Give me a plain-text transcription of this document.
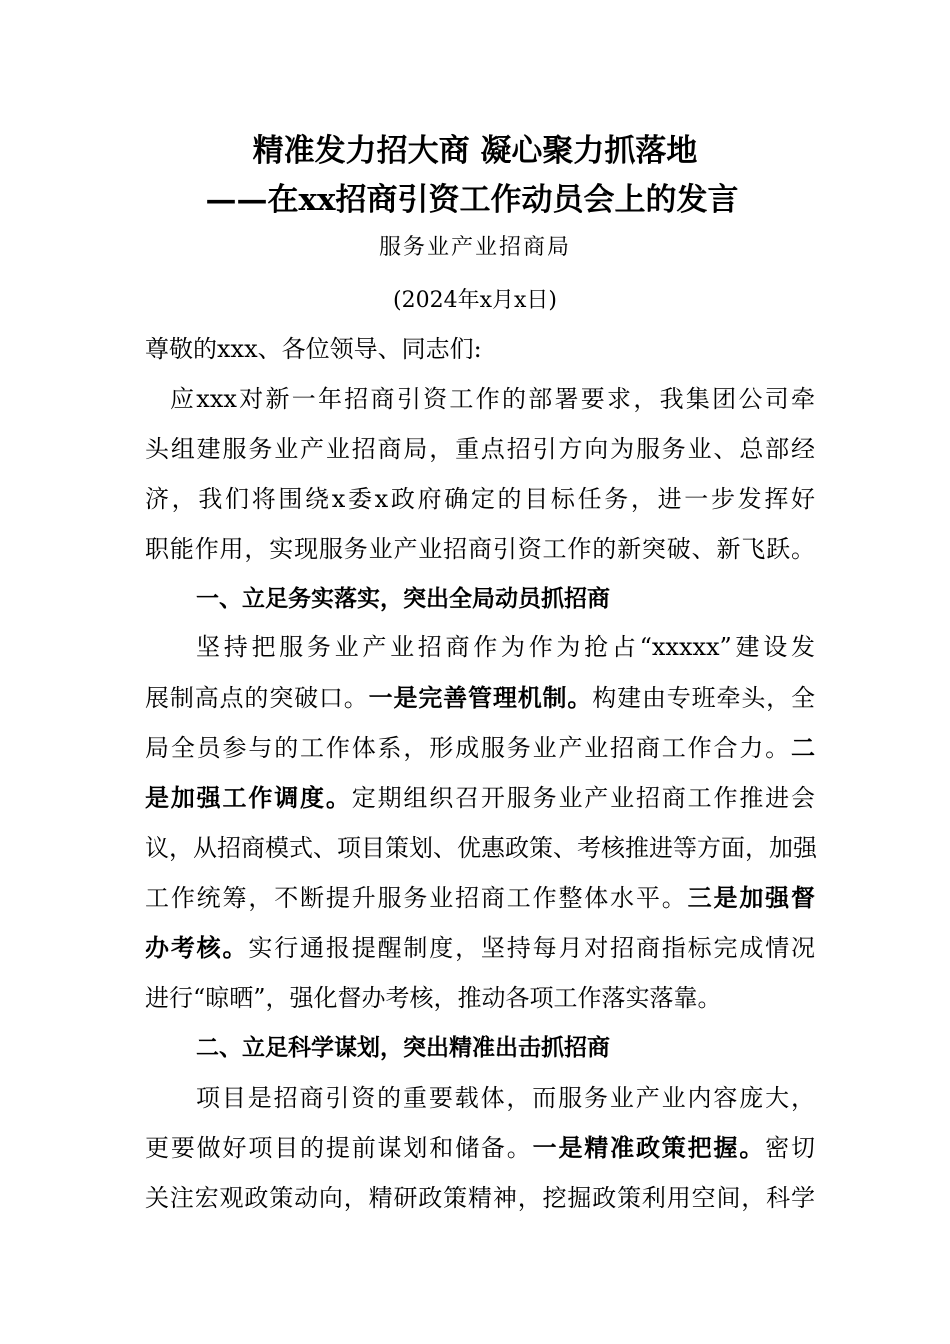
精准发力招大商 凝心聚力抓落地
——在xx招商引资工作动员会上的发言
服务业产业招商局
(2024年x月x日)
尊敬的xxx、各位领导、同志们:
应xxx对新一年招商引资工作的部署要求，我集团公司牵
头组建服务业产业招商局，重点招引方向为服务业、总部经
济，我们将围绕x委x政府确定的目标任务，进一步发挥好
职能作用，实现服务业产业招商引资工作的新突破、新飞跃。
一、立足务实落实，突出全局动员抓招商
坚持把服务业产业招商作为作为抢占“xxxxx”建设发
展制高点的突破口。一是完善管理机制。构建由专班牵头，全
局全员参与的工作体系，形成服务业产业招商工作合力。二
是加强工作调度。定期组织召开服务业产业招商工作推进会
议，从招商模式、项目策划、优惠政策、考核推进等方面，加强
工作统筹，不断提升服务业招商工作整体水平。三是加强督
办考核。实行通报提醒制度，坚持每月对招商指标完成情况
进行“晾晒”，强化督办考核，推动各项工作落实落靠。
二、立足科学谋划，突出精准出击抓招商
项目是招商引资的重要载体，而服务业产业内容庞大，
更要做好项目的提前谋划和储备。一是精准政策把握。密切
关注宏观政策动向，精研政策精神，挖掘政策利用空间，科学
